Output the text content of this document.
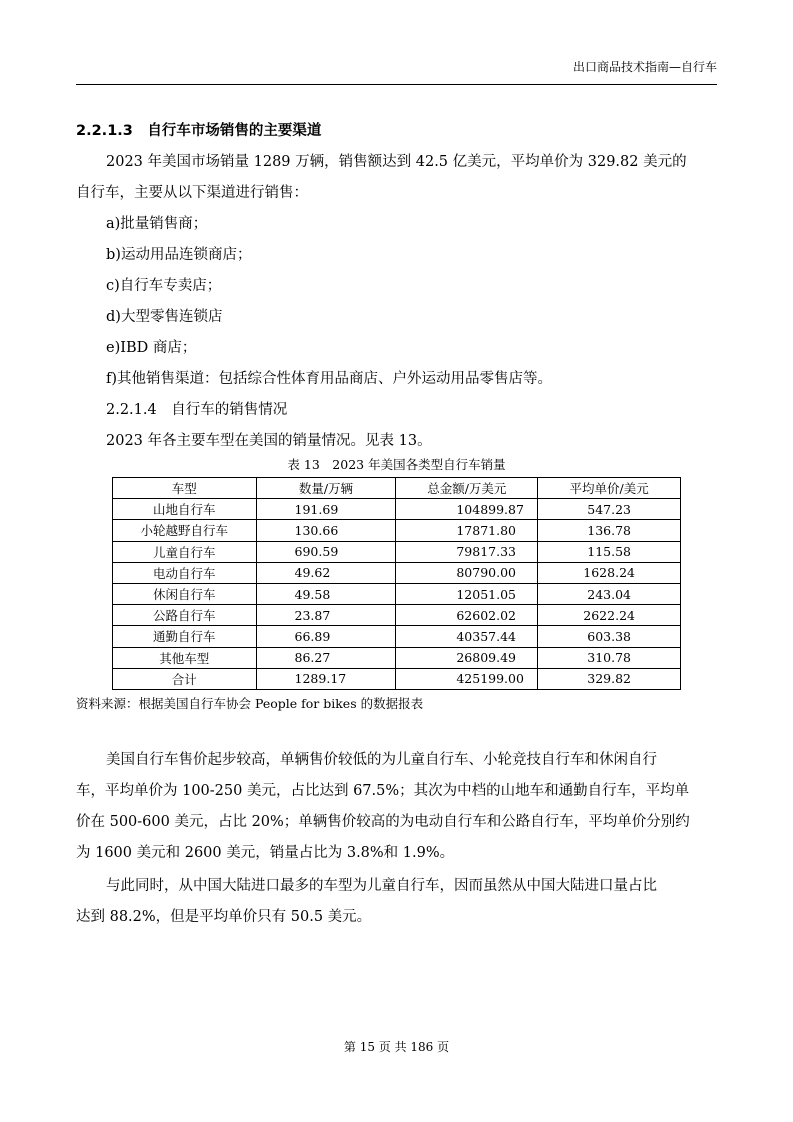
出口商品技术指南—自行车
2.2.1.3　自行车市场销售的主要渠道
2023 年美国市场销量 1289 万辆，销售额达到 42.5 亿美元，平均单价为 329.82 美元的
自行车，主要从以下渠道进行销售：
a)批量销售商；
b)运动用品连锁商店；
c)自行车专卖店；
d)大型零售连锁店
e)IBD 商店；
f)其他销售渠道：包括综合性体育用品商店、户外运动用品零售店等。
2.2.1.4　自行车的销售情况
2023 年各主要车型在美国的销量情况。见表 13。
表 13　2023 年美国各类型自行车销量
车型	数量/万辆	总金额/万美元	平均单价/美元
山地自行车	191.69	104899.87	547.23
小轮越野自行车	130.66	17871.80	136.78
儿童自行车	690.59	79817.33	115.58
电动自行车	49.62	80790.00	1628.24
休闲自行车	49.58	12051.05	243.04
公路自行车	23.87	62602.02	2622.24
通勤自行车	66.89	40357.44	603.38
其他车型	86.27	26809.49	310.78
合计	1289.17	425199.00	329.82
资料来源：根据美国自行车协会 People for bikes 的数据报表
美国自行车售价起步较高，单辆售价较低的为儿童自行车、小轮竞技自行车和休闲自行
车，平均单价为 100-250 美元，占比达到 67.5%；其次为中档的山地车和通勤自行车，平均单
价在 500-600 美元，占比 20%；单辆售价较高的为电动自行车和公路自行车，平均单价分别约
为 1600 美元和 2600 美元，销量占比为 3.8%和 1.9%。
与此同时，从中国大陆进口最多的车型为儿童自行车，因而虽然从中国大陆进口量占比
达到 88.2%，但是平均单价只有 50.5 美元。
第 15 页 共 186 页
